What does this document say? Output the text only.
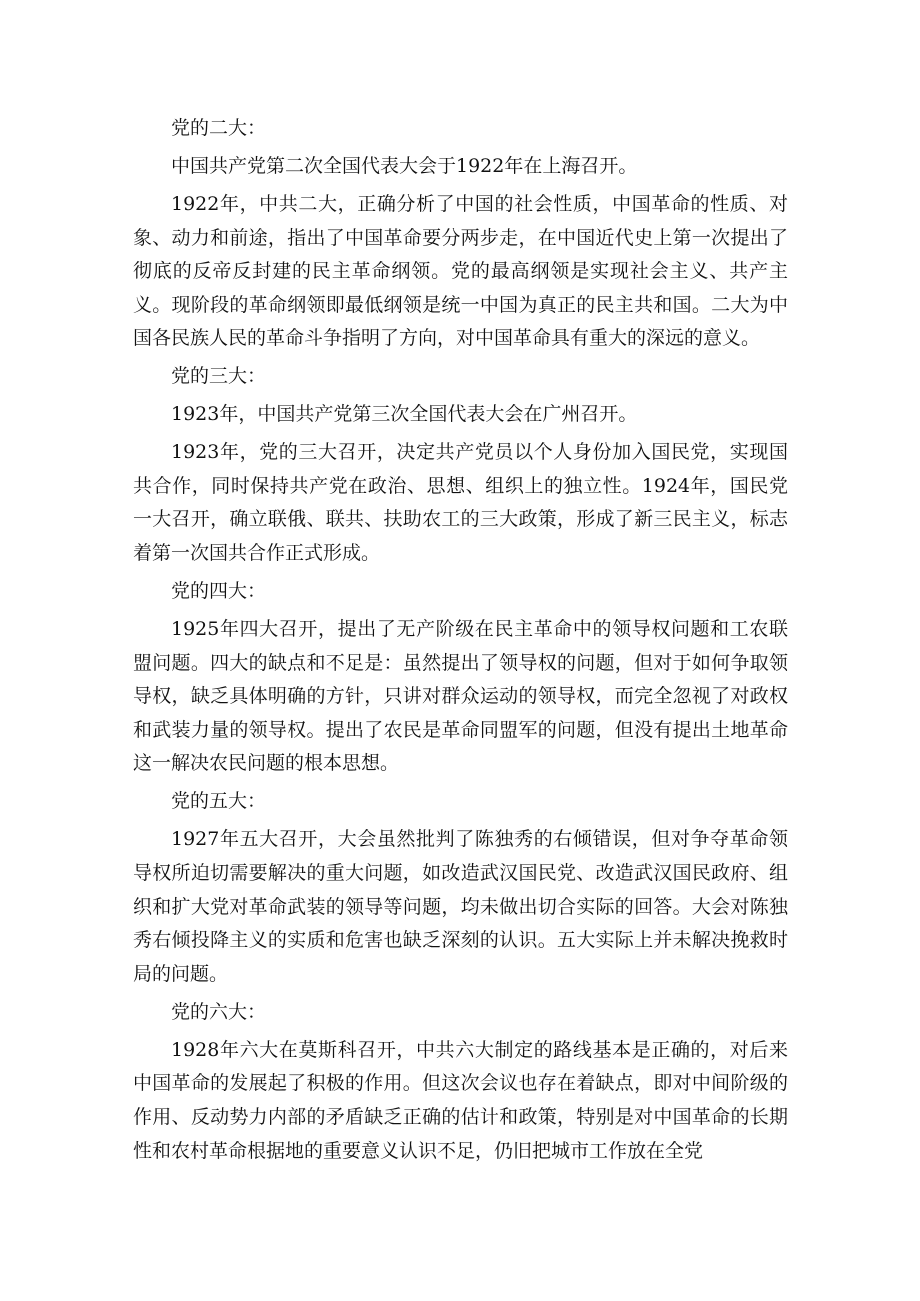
党的二大：

中国共产党第二次全国代表大会于1922年在上海召开。

1922年，中共二大，正确分析了中国的社会性质，中国革命的性质、对象、动力和前途，指出了中国革命要分两步走，在中国近代史上第一次提出了彻底的反帝反封建的民主革命纲领。党的最高纲领是实现社会主义、共产主义。现阶段的革命纲领即最低纲领是统一中国为真正的民主共和国。二大为中国各民族人民的革命斗争指明了方向，对中国革命具有重大的深远的意义。

党的三大：

1923年，中国共产党第三次全国代表大会在广州召开。

1923年，党的三大召开，决定共产党员以个人身份加入国民党，实现国共合作，同时保持共产党在政治、思想、组织上的独立性。1924年，国民党一大召开，确立联俄、联共、扶助农工的三大政策，形成了新三民主义，标志着第一次国共合作正式形成。

党的四大：

1925年四大召开，提出了无产阶级在民主革命中的领导权问题和工农联盟问题。四大的缺点和不足是：虽然提出了领导权的问题，但对于如何争取领导权，缺乏具体明确的方针，只讲对群众运动的领导权，而完全忽视了对政权和武装力量的领导权。提出了农民是革命同盟军的问题，但没有提出土地革命这一解决农民问题的根本思想。

党的五大：

1927年五大召开，大会虽然批判了陈独秀的右倾错误，但对争夺革命领导权所迫切需要解决的重大问题，如改造武汉国民党、改造武汉国民政府、组织和扩大党对革命武装的领导等问题，均未做出切合实际的回答。大会对陈独秀右倾投降主义的实质和危害也缺乏深刻的认识。五大实际上并未解决挽救时局的问题。

党的六大：

1928年六大在莫斯科召开，中共六大制定的路线基本是正确的，对后来中国革命的发展起了积极的作用。但这次会议也存在着缺点，即对中间阶级的作用、反动势力内部的矛盾缺乏正确的估计和政策，特别是对中国革命的长期性和农村革命根据地的重要意义认识不足，仍旧把城市工作放在全党
